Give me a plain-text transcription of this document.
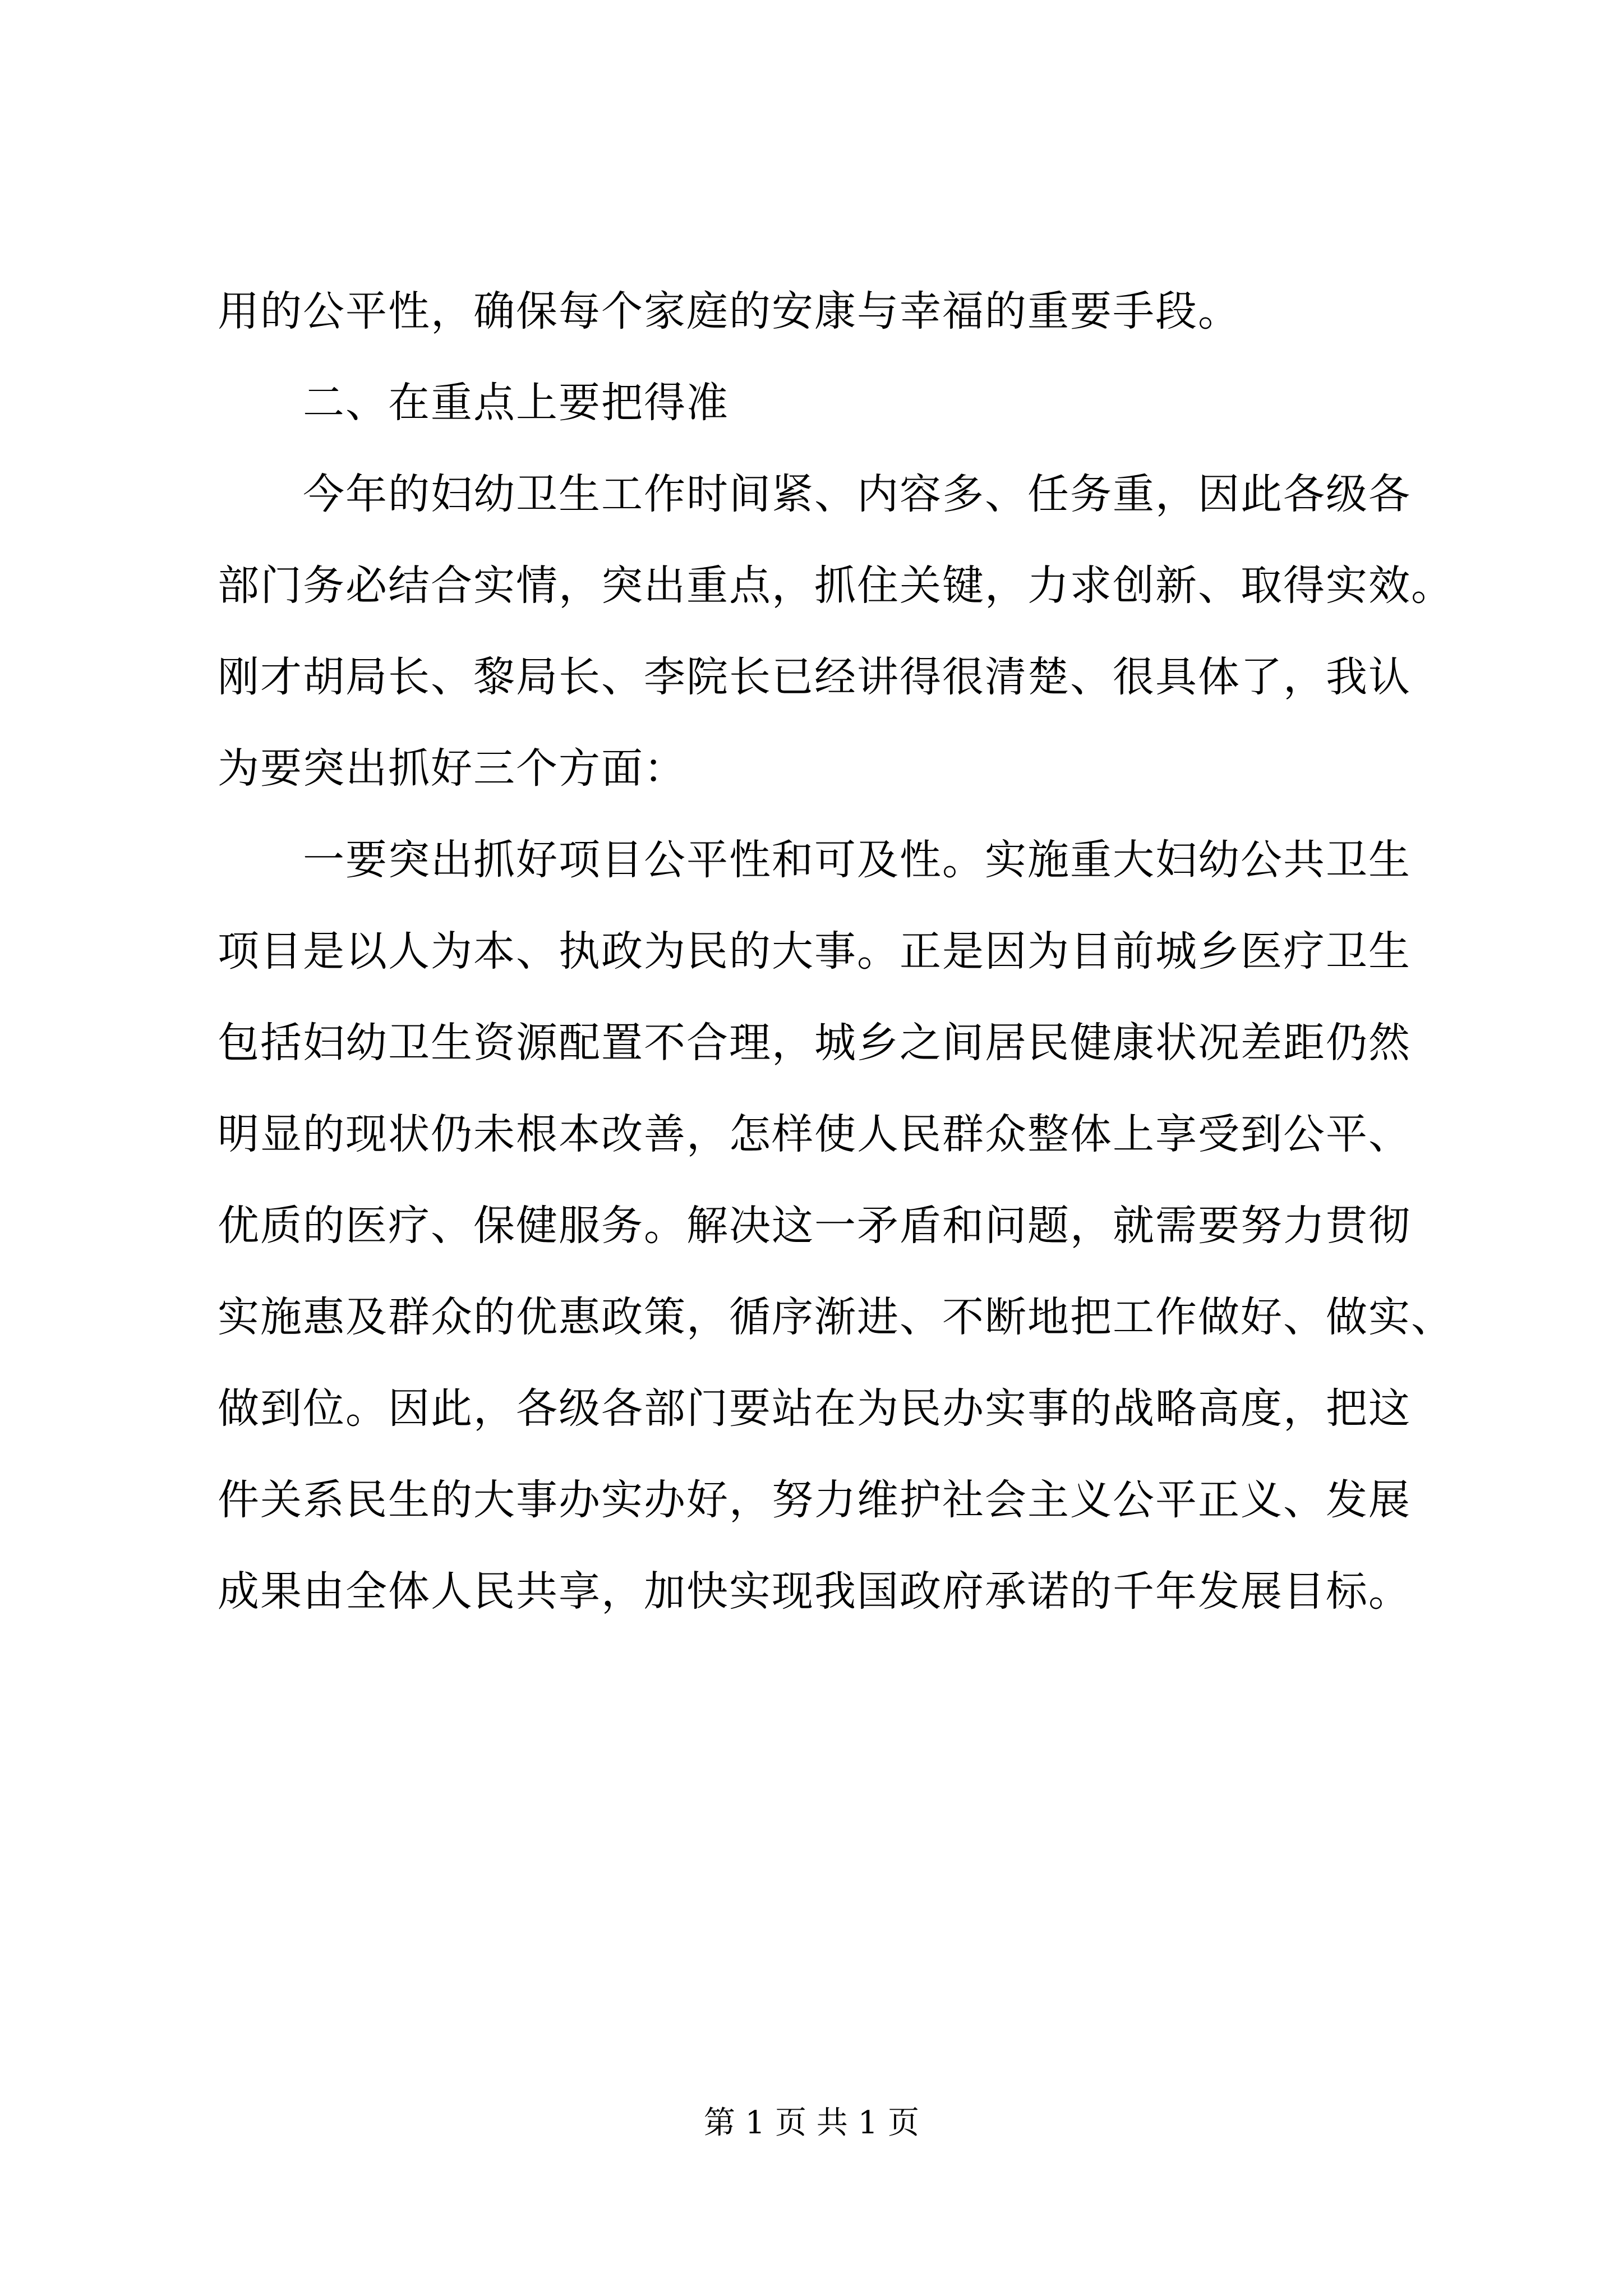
用的公平性，确保每个家庭的安康与幸福的重要手段。
　　二、在重点上要把得准
　　今年的妇幼卫生工作时间紧、内容多、任务重，因此各级各
部门务必结合实情，突出重点，抓住关键，力求创新、取得实效。
刚才胡局长、黎局长、李院长已经讲得很清楚、很具体了，我认
为要突出抓好三个方面：
　　一要突出抓好项目公平性和可及性。实施重大妇幼公共卫生
项目是以人为本、执政为民的大事。正是因为目前城乡医疗卫生
包括妇幼卫生资源配置不合理，城乡之间居民健康状况差距仍然
明显的现状仍未根本改善，怎样使人民群众整体上享受到公平、
优质的医疗、保健服务。解决这一矛盾和问题，就需要努力贯彻
实施惠及群众的优惠政策，循序渐进、不断地把工作做好、做实、
做到位。因此，各级各部门要站在为民办实事的战略高度，把这
件关系民生的大事办实办好，努力维护社会主义公平正义、发展
成果由全体人民共享，加快实现我国政府承诺的千年发展目标。
第 1 页 共 1 页
